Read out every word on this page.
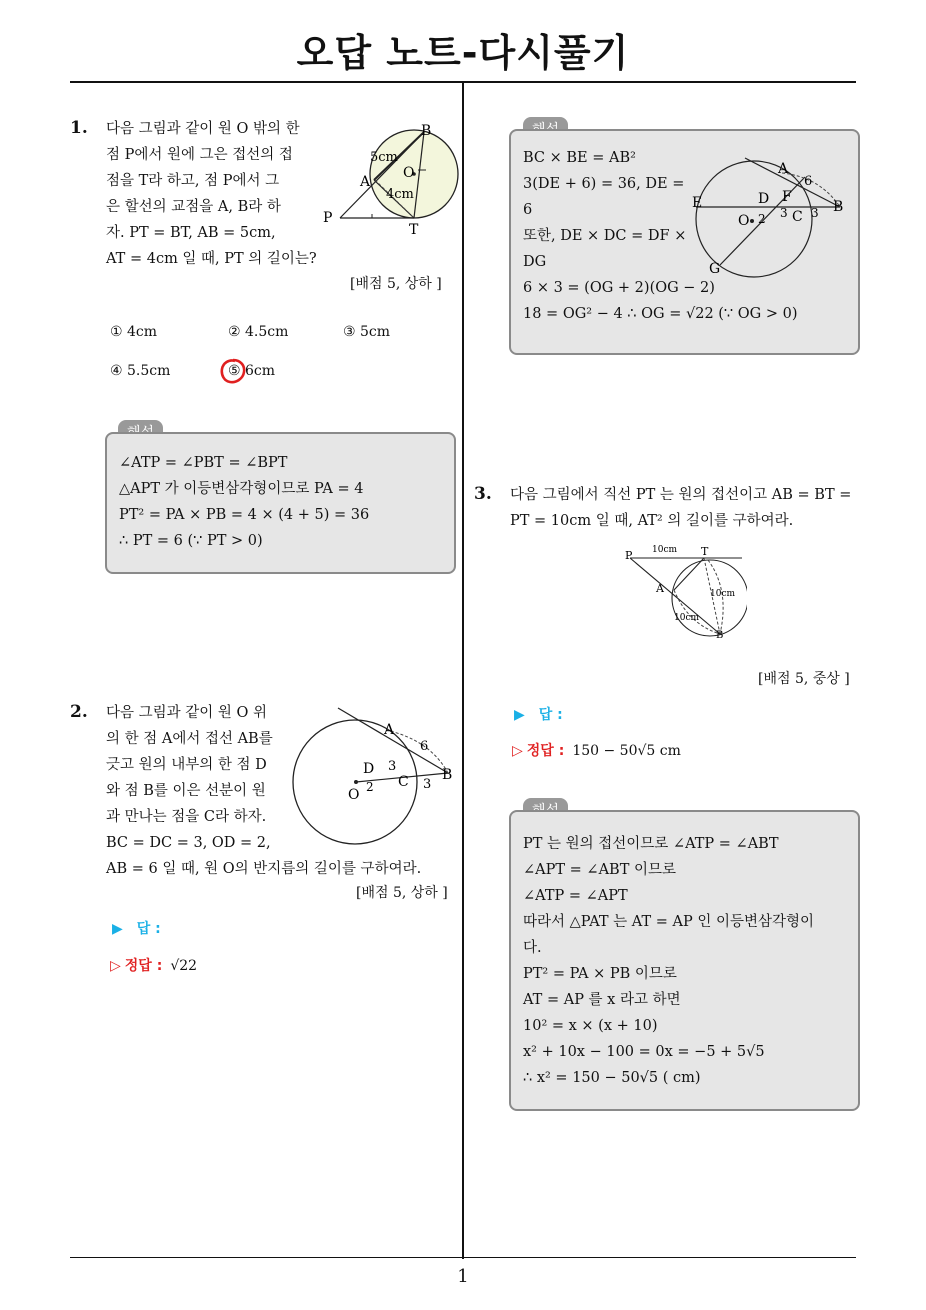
오답 노트-다시풀기
1. 다음 그림과 같이 원 O 밖의 한
점 P에서 원에 그은 접선의 접
점을 T라 하고, 점 P에서 그
은 할선의 교점을 A, B라 하
자. PT = BT, AB = 5cm,
AT = 4cm 일 때, PT 의 길이는?
B
5cm
O
A
4cm
P
T
[배점 5, 상하 ]
① 4cm	② 4.5cm	③ 5cm
④ 5.5cm	⑤ 6cm
∠ATP = ∠PBT = ∠BPT
△APT 가 이등변삼각형이므로 PA = 4
PT² = PA × PB = 4 × (4 + 5) = 36
∴ PT = 6 (∵ PT > 0)
2. 다음 그림과 같이 원 O 위
의 한 점 A에서 접선 AB를
긋고 원의 내부의 한 점 D
와 점 B를 이은 선분이 원
과 만나는 점을 C라 하자.
BC = DC = 3, OD = 2,
AB = 6 일 때, 원 O의 반지름의 길이를 구하여라.
A
6
D 3
C 3
B
O 2
[배점 5, 상하 ]
▶ 답 :
▷ 정답 : √22
BC × BE = AB²
3(DE + 6) = 36, DE =
6
또한, DE × DC = DF ×
DG
6 × 3 = (OG + 2)(OG − 2)
18 = OG² − 4 ∴ OG = √22 (∵ OG > 0)
A
6
E	D F
B
O 2 3 C 3
G
3. 다음 그림에서 직선 PT 는 원의 접선이고 AB = BT =
PT = 10cm 일 때, AT² 의 길이를 구하여라.
P 10cm T
A	10cm
10cm
B
[배점 5, 중상 ]
▶ 답 :
▷ 정답 : 150 − 50√5 cm
PT 는 원의 접선이므로 ∠ATP = ∠ABT
∠APT = ∠ABT 이므로
∠ATP = ∠APT
따라서 △PAT 는 AT = AP 인 이등변삼각형이
다.
PT² = PA × PB 이므로
AT = AP 를 x 라고 하면
10² = x × (x + 10)
x² + 10x − 100 = 0x = −5 + 5√5
∴ x² = 150 − 50√5 ( cm)
1
